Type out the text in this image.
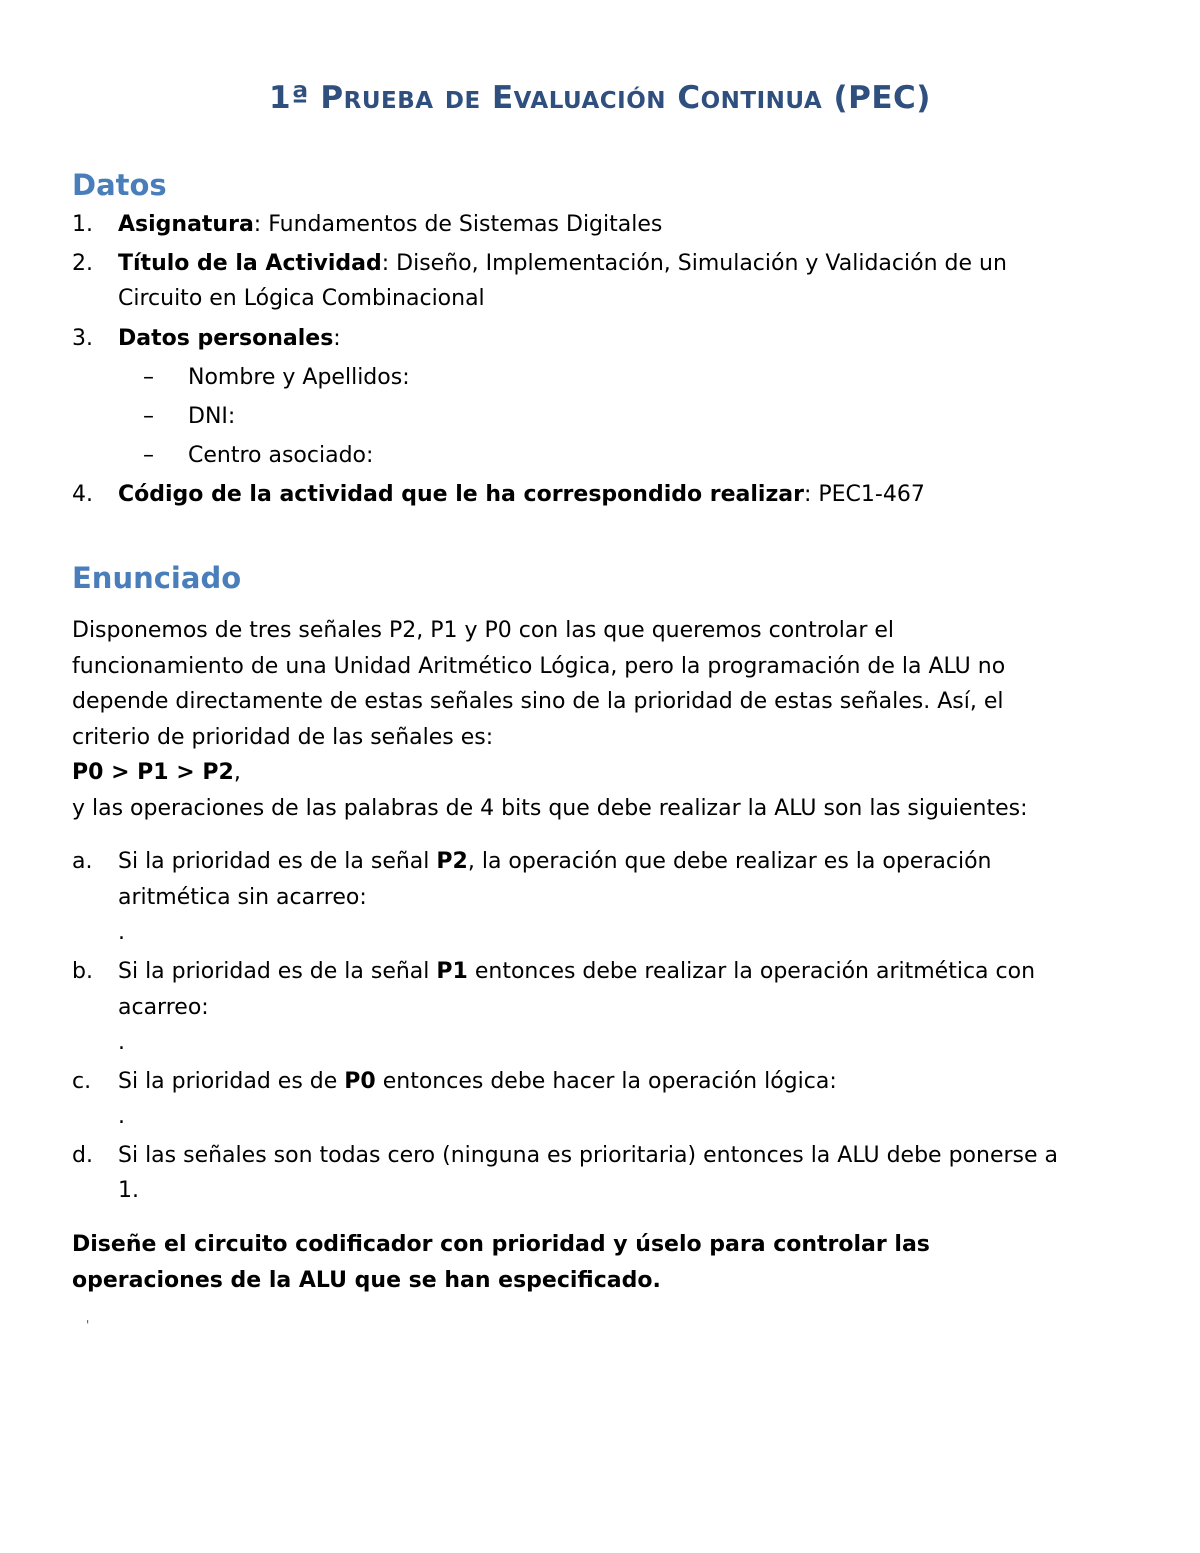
1ª PRUEBA DE EVALUACIÓN CONTINUA (PEC)
Datos
1. Asignatura: Fundamentos de Sistemas Digitales
2. Título de la Actividad: Diseño, Implementación, Simulación y Validación de un
Circuito en Lógica Combinacional
3. Datos personales:
– Nombre y Apellidos:
– DNI:
– Centro asociado:
4. Código de la actividad que le ha correspondido realizar: PEC1-467
Enunciado
Disponemos de tres señales P2, P1 y P0 con las que queremos controlar el
funcionamiento de una Unidad Aritmético Lógica, pero la programación de la ALU no
depende directamente de estas señales sino de la prioridad de estas señales. Así, el
criterio de prioridad de las señales es:
P0 > P1 > P2,
y las operaciones de las palabras de 4 bits que debe realizar la ALU son las siguientes:
a. Si la prioridad es de la señal P2, la operación que debe realizar es la operación
aritmética sin acarreo:
.
b. Si la prioridad es de la señal P1 entonces debe realizar la operación aritmética con
acarreo:
.
c. Si la prioridad es de P0 entonces debe hacer la operación lógica:
.
d. Si las señales son todas cero (ninguna es prioritaria) entonces la ALU debe ponerse a
1.
Diseñe el circuito codificador con prioridad y úselo para controlar las
operaciones de la ALU que se han especificado.
'
